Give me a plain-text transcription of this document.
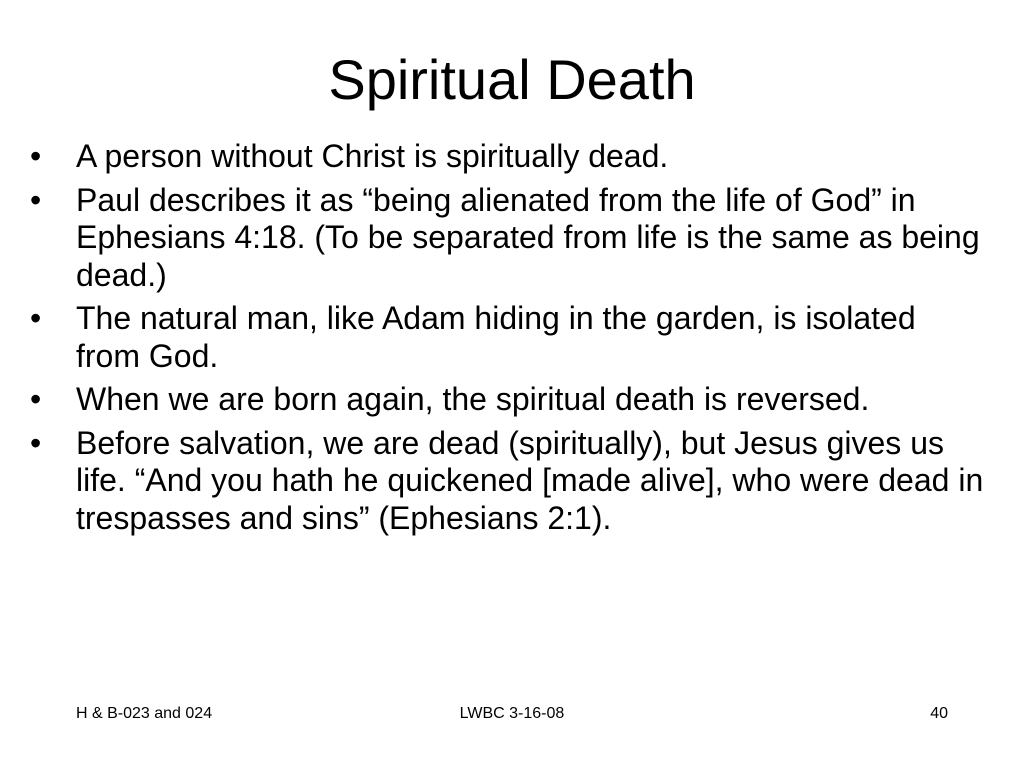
Spiritual Death
•	A person without Christ is spiritually dead.
•	Paul describes it as “being alienated from the life of God” in Ephesians 4:18. (To be separated from life is the same as being dead.)
•	The natural man, like Adam hiding in the garden, is isolated from God.
•	When we are born again, the spiritual death is reversed.
•	Before salvation, we are dead (spiritually), but Jesus gives us life. “And you hath he quickened [made alive], who were dead in trespasses and sins” (Ephesians 2:1).
H & B-023 and 024	LWBC 3-16-08	40
